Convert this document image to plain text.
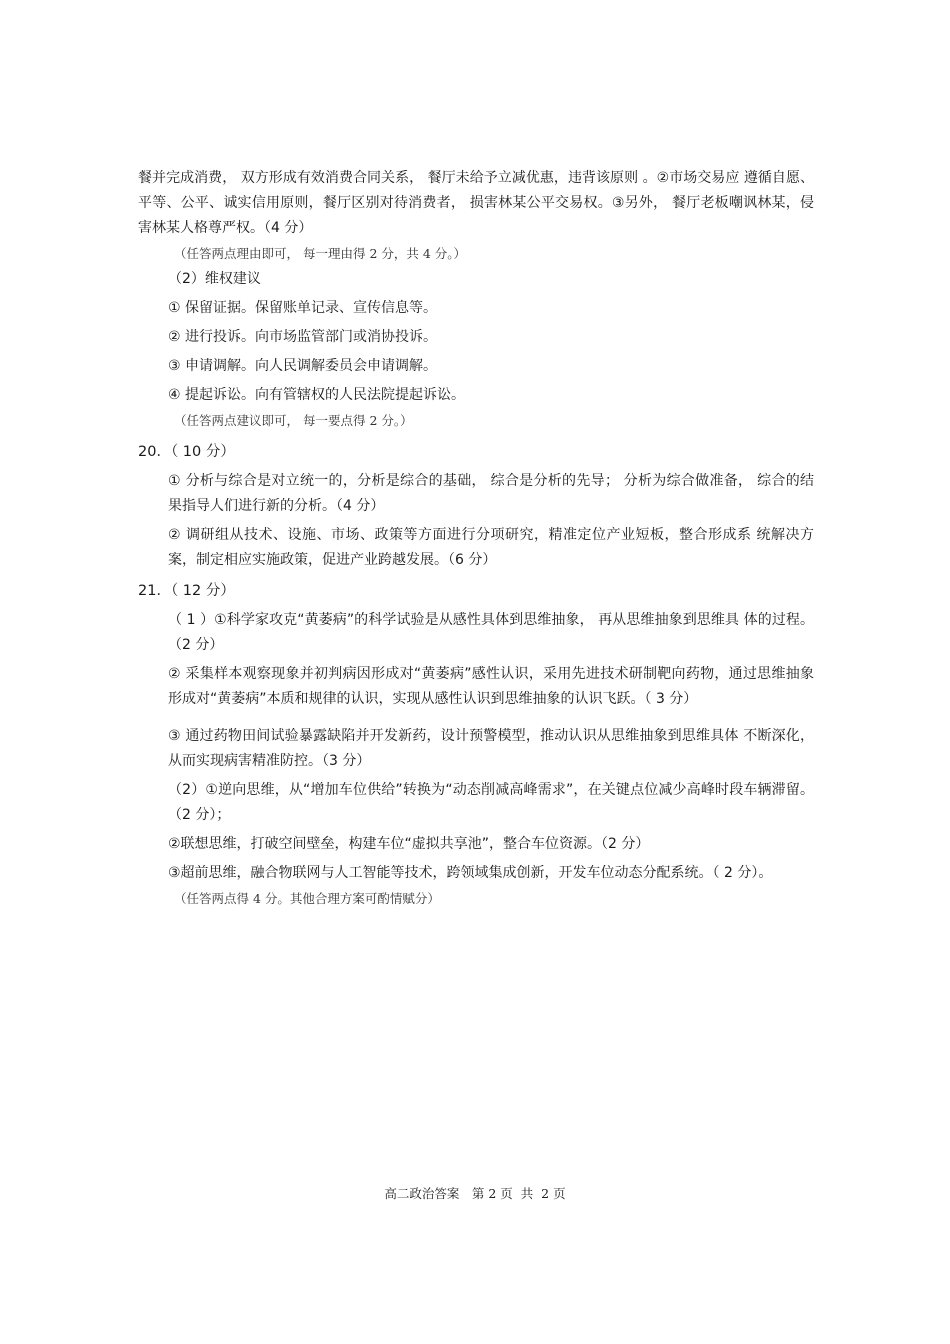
餐并完成消费， 双方形成有效消费合同关系， 餐厅未给予立减优惠，违背该原则 。②市场交易应 遵循自愿、平等、公平、诚实信用原则，餐厅区别对待消费者， 损害林某公平交易权。③另外， 餐厅老板嘲讽林某，侵害林某人格尊严权。（4 分）

（任答两点理由即可， 每一理由得 2 分，共 4 分。）

（2）维权建议

① 保留证据。保留账单记录、宣传信息等。

② 进行投诉。向市场监管部门或消协投诉。

③ 申请调解。向人民调解委员会申请调解。

④ 提起诉讼。向有管辖权的人民法院提起诉讼。

（任答两点建议即可， 每一要点得 2 分。）

20．（ 10 分）

① 分析与综合是对立统一的，分析是综合的基础， 综合是分析的先导； 分析为综合做准备， 综合的结果指导人们进行新的分析。（4 分）

② 调研组从技术、设施、市场、政策等方面进行分项研究，精准定位产业短板，整合形成系 统解决方案，制定相应实施政策，促进产业跨越发展。（6 分）

21．（ 12 分）

（ 1 ）①科学家攻克“黄萎病”的科学试验是从感性具体到思维抽象， 再从思维抽象到思维具 体的过程。（2 分）

② 采集样本观察现象并初判病因形成对“黄萎病”感性认识，采用先进技术研制靶向药物，通过思维抽象形成对“黄萎病”本质和规律的认识，实现从感性认识到思维抽象的认识飞跃。（ 3 分）

③ 通过药物田间试验暴露缺陷并开发新药，设计预警模型，推动认识从思维抽象到思维具体 不断深化，从而实现病害精准防控。（3 分）

（2）①逆向思维，从“增加车位供给”转换为“动态削减高峰需求”，在关键点位减少高峰时段车辆滞留。（2 分）；

②联想思维，打破空间壁垒，构建车位“虚拟共享池”，整合车位资源。（2 分）

③超前思维，融合物联网与人工智能等技术，跨领域集成创新，开发车位动态分配系统。（ 2 分）。

（任答两点得 4 分。其他合理方案可酌情赋分）

高二政治答案　第 2 页  共  2 页
